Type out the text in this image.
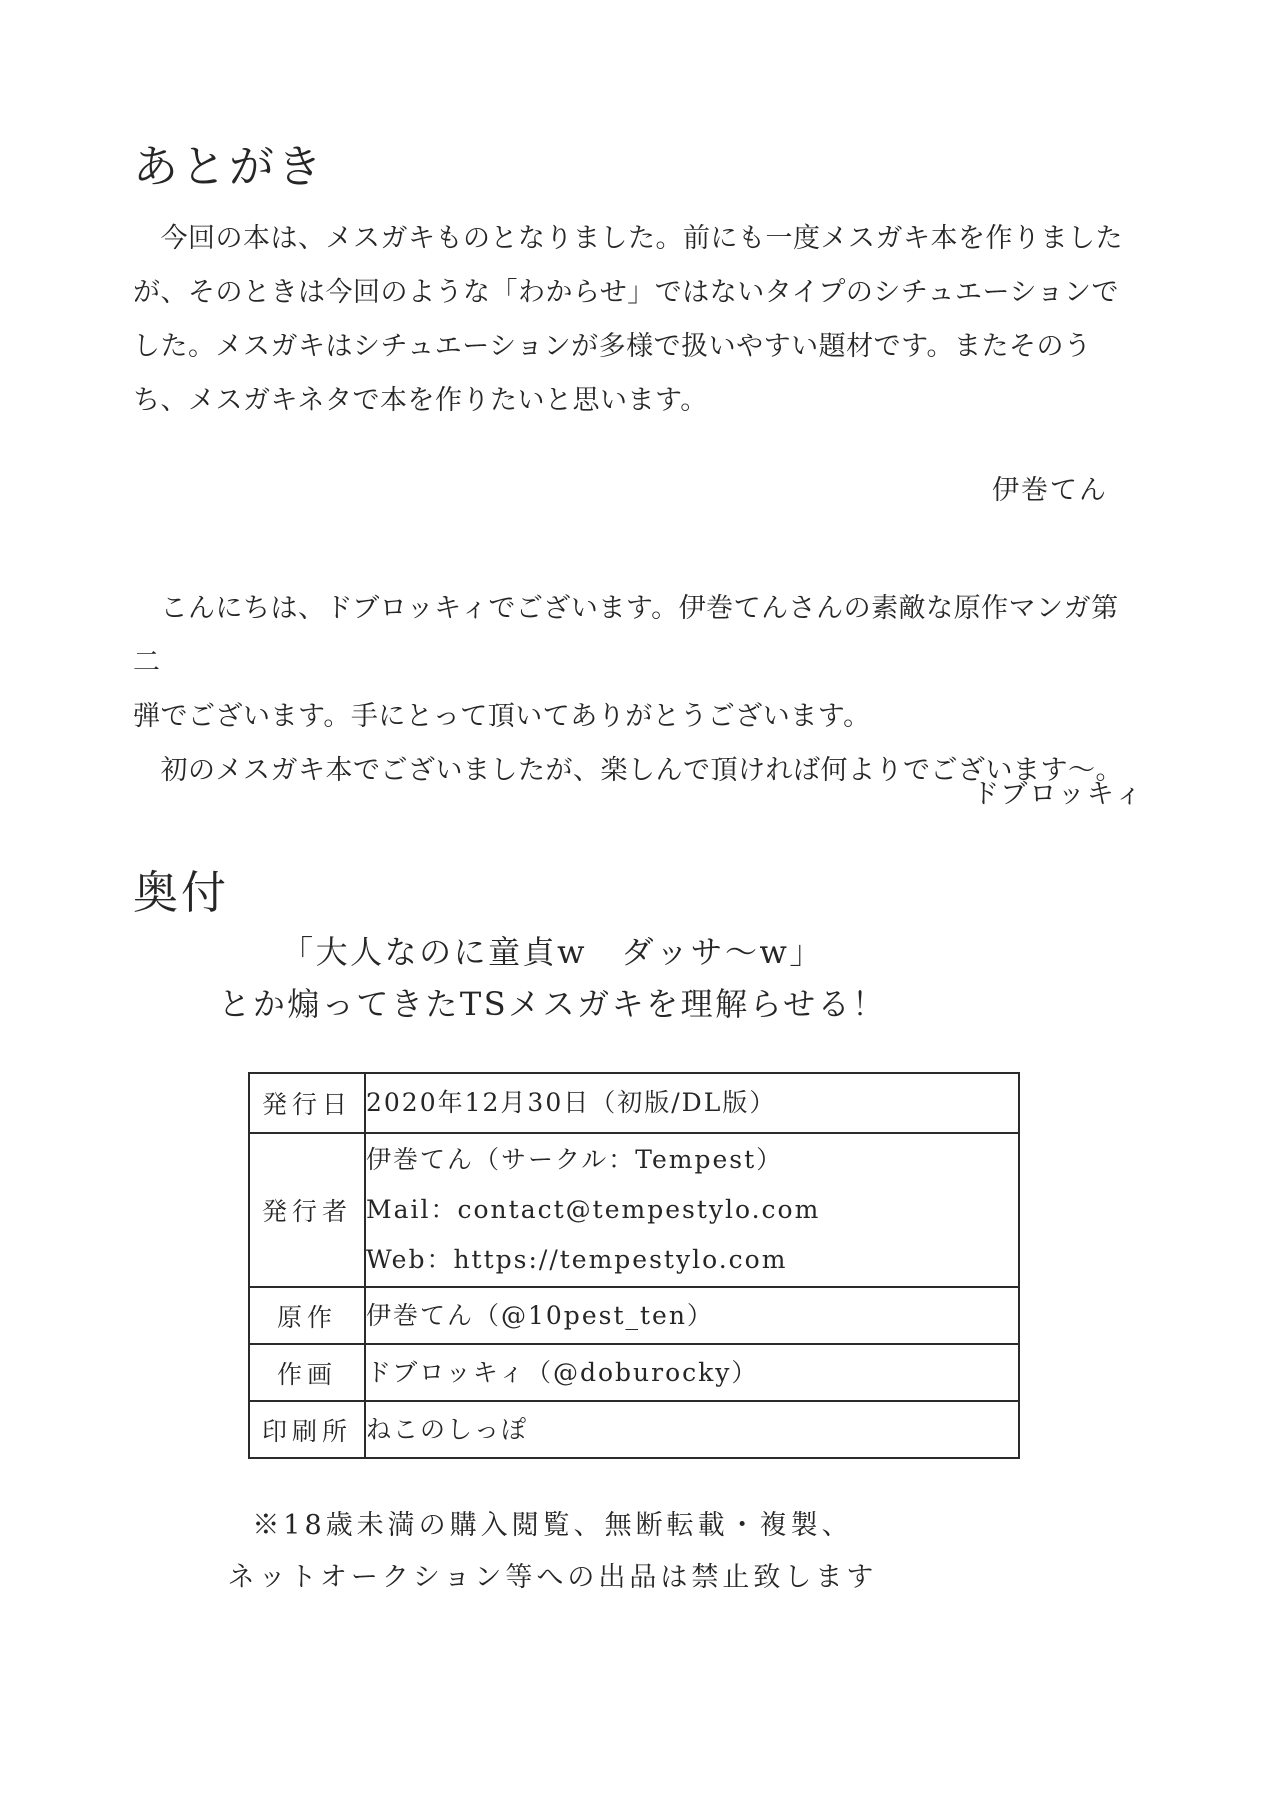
あとがき
　今回の本は、メスガキものとなりました。前にも一度メスガキ本を作りました
が、そのときは今回のような「わからせ」ではないタイプのシチュエーションで
した。メスガキはシチュエーションが多様で扱いやすい題材です。またそのう
ち、メスガキネタで本を作りたいと思います。
伊巻てん
　こんにちは、ドブロッキィでございます。伊巻てんさんの素敵な原作マンガ第二
弾でございます。手にとって頂いてありがとうございます。
　初のメスガキ本でございましたが、楽しんで頂ければ何よりでございます～。
ドブロッキィ
奥付
「大人なのに童貞w　ダッサ～w」
とか煽ってきたTSメスガキを理解らせる！
発行日	2020年12月30日（初版/DL版）

発行者	伊巻てん（サークル：Tempest）
Mail：contact@tempestylo.com
Web：https://tempestylo.com

原作	伊巻てん（@10pest_ten）

作画	ドブロッキィ（@doburocky）

印刷所	ねこのしっぽ
※18歳未満の購入閲覧、無断転載・複製、
ネットオークション等への出品は禁止致します
